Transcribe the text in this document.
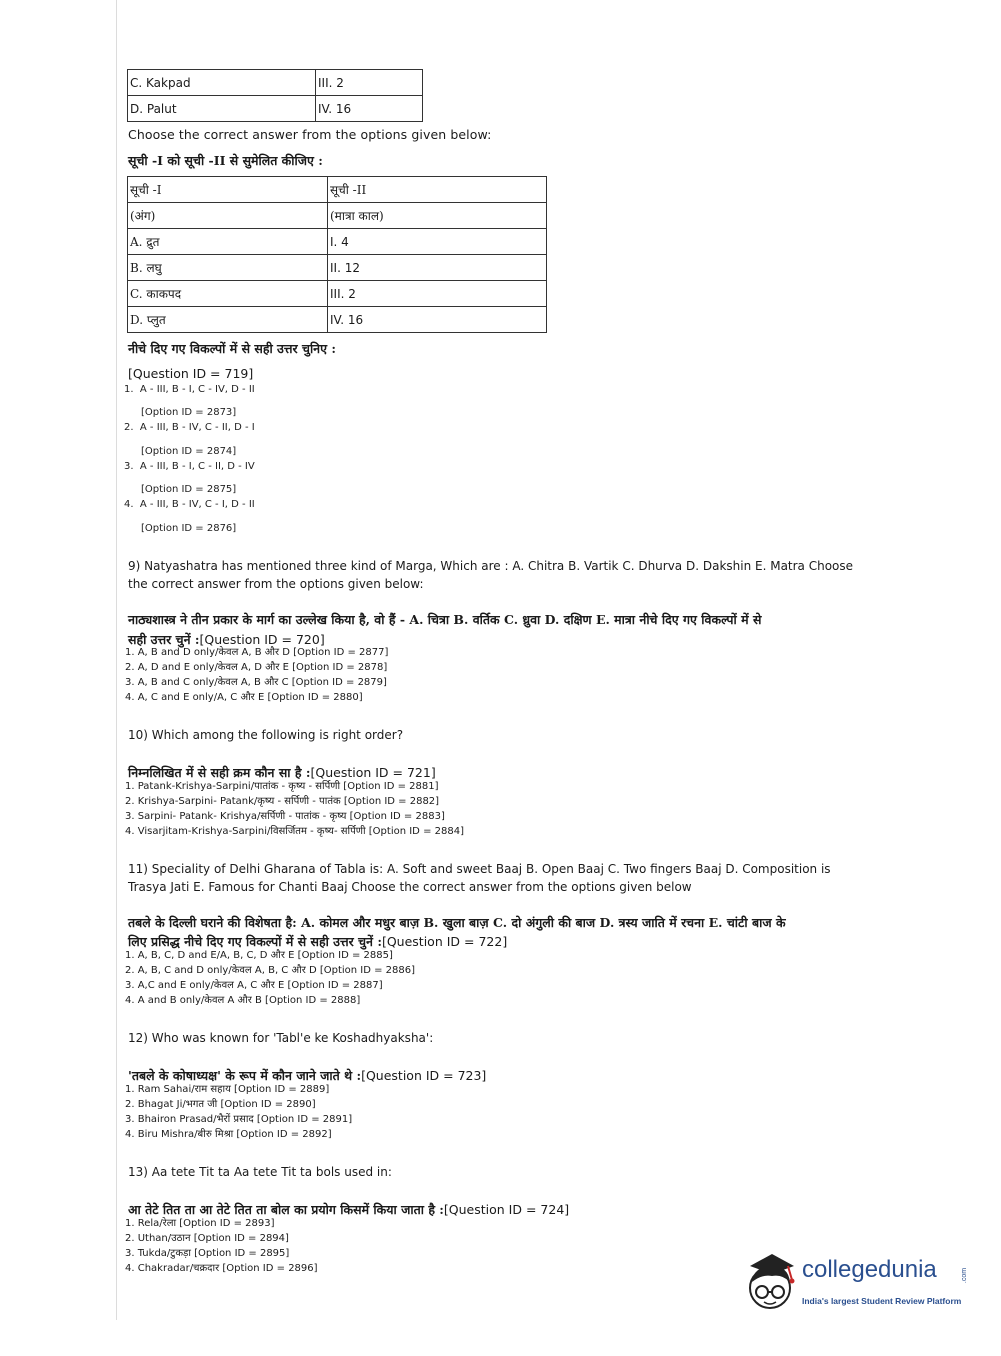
C. Kakpad	III. 2
D. Palut	IV. 16
Choose the correct answer from the options given below:
सूची -I को सूची -II से सुमेलित कीजिए :
सूची -I	सूची -II
(अंग)	(मात्रा काल)
A. द्रुत	I. 4
B. लघु	II. 12
C. काकपद	III. 2
D. प्लुत	IV. 16
नीचे दिए गए विकल्पों में से सही उत्तर चुनिए :
[Question ID = 719]
1. A - III, B - I, C - IV, D - II
[Option ID = 2873]
2. A - III, B - IV, C - II, D - I
[Option ID = 2874]
3. A - III, B - I, C - II, D - IV
[Option ID = 2875]
4. A - III, B - IV, C - I, D - II
[Option ID = 2876]
9) Natyashatra has mentioned three kind of Marga, Which are : A. Chitra B. Vartik C. Dhurva D. Dakshin E. Matra Choose
the correct answer from the options given below:
नाठ्यशास्त्र ने तीन प्रकार के मार्ग का उल्लेख किया है, वो हैं - A. चित्रा B. वर्तिक C. ध्रुवा D. दक्षिण E. मात्रा नीचे दिए गए विकल्पों में से
सही उत्तर चुनें :[Question ID = 720]
1. A, B and D only/केवल A, B और D [Option ID = 2877]
2. A, D and E only/केवल A, D और E [Option ID = 2878]
3. A, B and C only/केवल A, B और C [Option ID = 2879]
4. A, C and E only/A, C और E [Option ID = 2880]
10) Which among the following is right order?
निम्नलिखित में से सही क्रम कौन सा है :[Question ID = 721]
1. Patank-Krishya-Sarpini/पातांक - कृष्य - सर्पिणी [Option ID = 2881]
2. Krishya-Sarpini- Patank/कृष्य - सर्पिणी - पातंक [Option ID = 2882]
3. Sarpini- Patank- Krishya/सर्पिणी - पातांक - कृष्य [Option ID = 2883]
4. Visarjitam-Krishya-Sarpini/विसर्जितम - कृष्य- सर्पिणी [Option ID = 2884]
11) Speciality of Delhi Gharana of Tabla is: A. Soft and sweet Baaj B. Open Baaj C. Two fingers Baaj D. Composition is
Trasya Jati E. Famous for Chanti Baaj Choose the correct answer from the options given below
तबले के दिल्ली घराने की विशेषता है: A. कोमल और मधुर बाज़ B. खुला बाज़ C. दो अंगुली की बाज D. त्रस्य जाति में रचना E. चांटी बाज के
लिए प्रसिद्ध नीचे दिए गए विकल्पों में से सही उत्तर चुनें :[Question ID = 722]
1. A, B, C, D and E/A, B, C, D और E [Option ID = 2885]
2. A, B, C and D only/केवल A, B, C और D [Option ID = 2886]
3. A,C and E only/केवल A, C और E [Option ID = 2887]
4. A and B only/केवल A और B [Option ID = 2888]
12) Who was known for 'Tabl'e ke Koshadhyaksha':
'तबले के कोषाध्यक्ष' के रूप में कौन जाने जाते थे :[Question ID = 723]
1. Ram Sahai/राम सहाय [Option ID = 2889]
2. Bhagat Ji/भगत जी [Option ID = 2890]
3. Bhairon Prasad/भैरों प्रसाद [Option ID = 2891]
4. Biru Mishra/बीरु मिश्रा [Option ID = 2892]
13) Aa tete Tit ta Aa tete Tit ta bols used in:
आ तेटे तित ता आ तेटे तित ता बोल का प्रयोग किसमें किया जाता है :[Question ID = 724]
1. Rela/रेला [Option ID = 2893]
2. Uthan/उठान [Option ID = 2894]
3. Tukda/टुकड़ा [Option ID = 2895]
4. Chakradar/चक्रदार [Option ID = 2896]	collegedunia	.com
India's largest Student Review Platform
